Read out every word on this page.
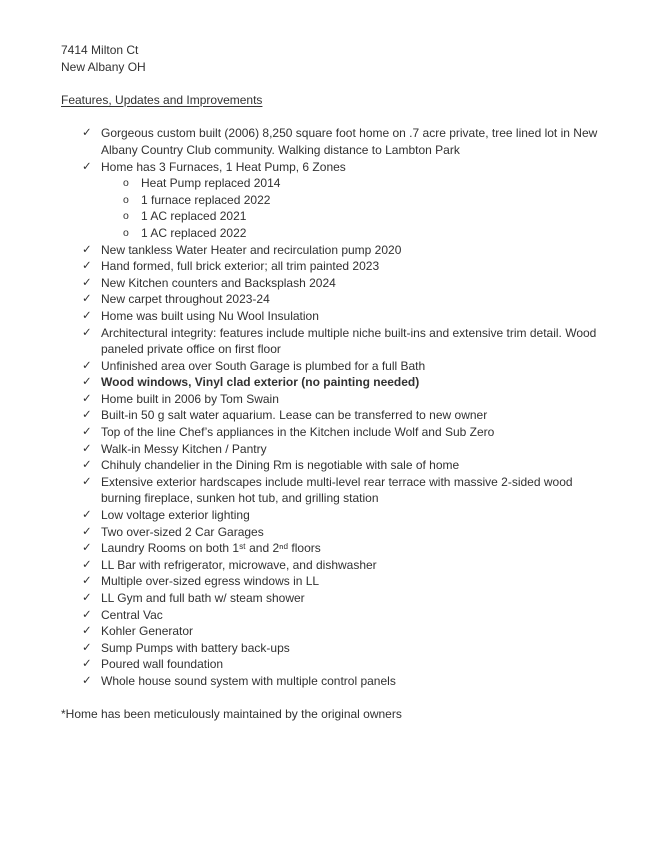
7414 Milton Ct
New Albany OH
Features, Updates and Improvements
✓ Gorgeous custom built (2006) 8,250 square foot home on .7 acre private, tree lined lot in New Albany Country Club community. Walking distance to Lambton Park
✓ Home has 3 Furnaces, 1 Heat Pump, 6 Zones
o	Heat Pump replaced 2014
o	1 furnace replaced 2022
o	1 AC replaced 2021
o	1 AC replaced 2022
✓ New tankless Water Heater and recirculation pump 2020
✓ Hand formed, full brick exterior; all trim painted 2023
✓ New Kitchen counters and Backsplash 2024
✓ New carpet throughout 2023-24
✓ Home was built using Nu Wool Insulation
✓ Architectural integrity: features include multiple niche built-ins and extensive trim detail. Wood paneled private office on first floor
✓ Unfinished area over South Garage is plumbed for a full Bath
✓ Wood windows, Vinyl clad exterior (no painting needed)
✓ Home built in 2006 by Tom Swain
✓ Built-in 50 g salt water aquarium. Lease can be transferred to new owner
✓ Top of the line Chef’s appliances in the Kitchen include Wolf and Sub Zero
✓ Walk-in Messy Kitchen / Pantry
✓ Chihuly chandelier in the Dining Rm is negotiable with sale of home
✓ Extensive exterior hardscapes include multi-level rear terrace with massive 2-sided wood burning fireplace, sunken hot tub, and grilling station
✓ Low voltage exterior lighting
✓ Two over-sized 2 Car Garages
✓ Laundry Rooms on both 1ˢᵗ and 2ⁿᵈ floors
✓ LL Bar with refrigerator, microwave, and dishwasher
✓ Multiple over-sized egress windows in LL
✓ LL Gym and full bath w/ steam shower
✓ Central Vac
✓ Kohler Generator
✓ Sump Pumps with battery back-ups
✓ Poured wall foundation
✓ Whole house sound system with multiple control panels
*Home has been meticulously maintained by the original owners
